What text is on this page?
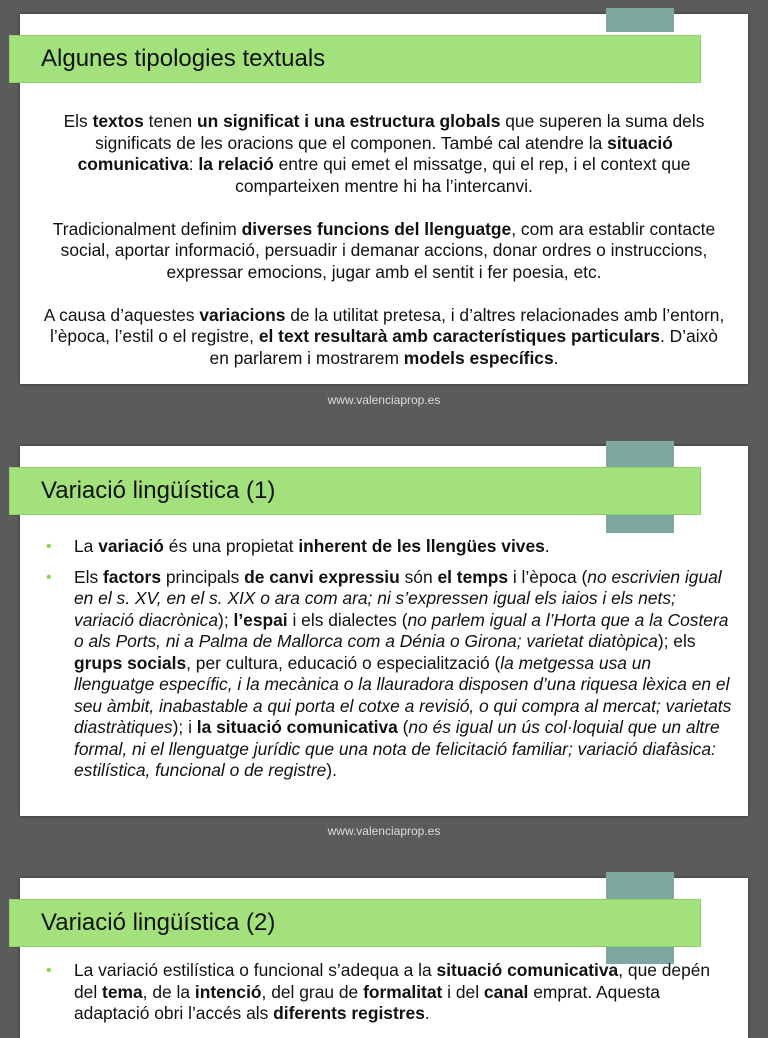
Algunes tipologies textuals

Els textos tenen un significat i una estructura globals que superen la suma dels significats de les oracions que el componen. També cal atendre la situació comunicativa: la relació entre qui emet el missatge, qui el rep, i el context que comparteixen mentre hi ha l’intercanvi.

Tradicionalment definim diverses funcions del llenguatge, com ara establir contacte social, aportar informació, persuadir i demanar accions, donar ordres o instruccions, expressar emocions, jugar amb el sentit i fer poesia, etc.

A causa d’aquestes variacions de la utilitat pretesa, i d’altres relacionades amb l’entorn, l’època, l’estil o el registre, el text resultarà amb característiques particulars. D’això en parlarem i mostrarem models específics.

www.valenciaprop.es
Variació lingüística (1)
• La variació és una propietat inherent de les llengües vives.
• Els factors principals de canvi expressiu són el temps i l’època (no escrivien igual en el s. XV, en el s. XIX o ara com ara; ni s’expressen igual els iaios i els nets; variació diacrònica); l’espai i els dialectes (no parlem igual a l’Horta que a la Costera o als Ports, ni a Palma de Mallorca com a Dénia o Girona; varietat diatòpica); els grups socials, per cultura, educació o especialització (la metgessa usa un llenguatge específic, i la mecànica o la llauradora disposen d’una riquesa lèxica en el seu àmbit, inabastable a qui porta el cotxe a revisió, o qui compra al mercat; varietats diastràtiques); i la situació comunicativa (no és igual un ús col·loquial que un altre formal, ni el llenguatge jurídic que una nota de felicitació familiar; variació diafàsica: estilística, funcional o de registre).
www.valenciaprop.es
Variació lingüística (2)
• La variació estilística o funcional s’adequa a la situació comunicativa, que depén del tema, de la intenció, del grau de formalitat i del canal emprat. Aquesta adaptació obri l’accés als diferents registres.
